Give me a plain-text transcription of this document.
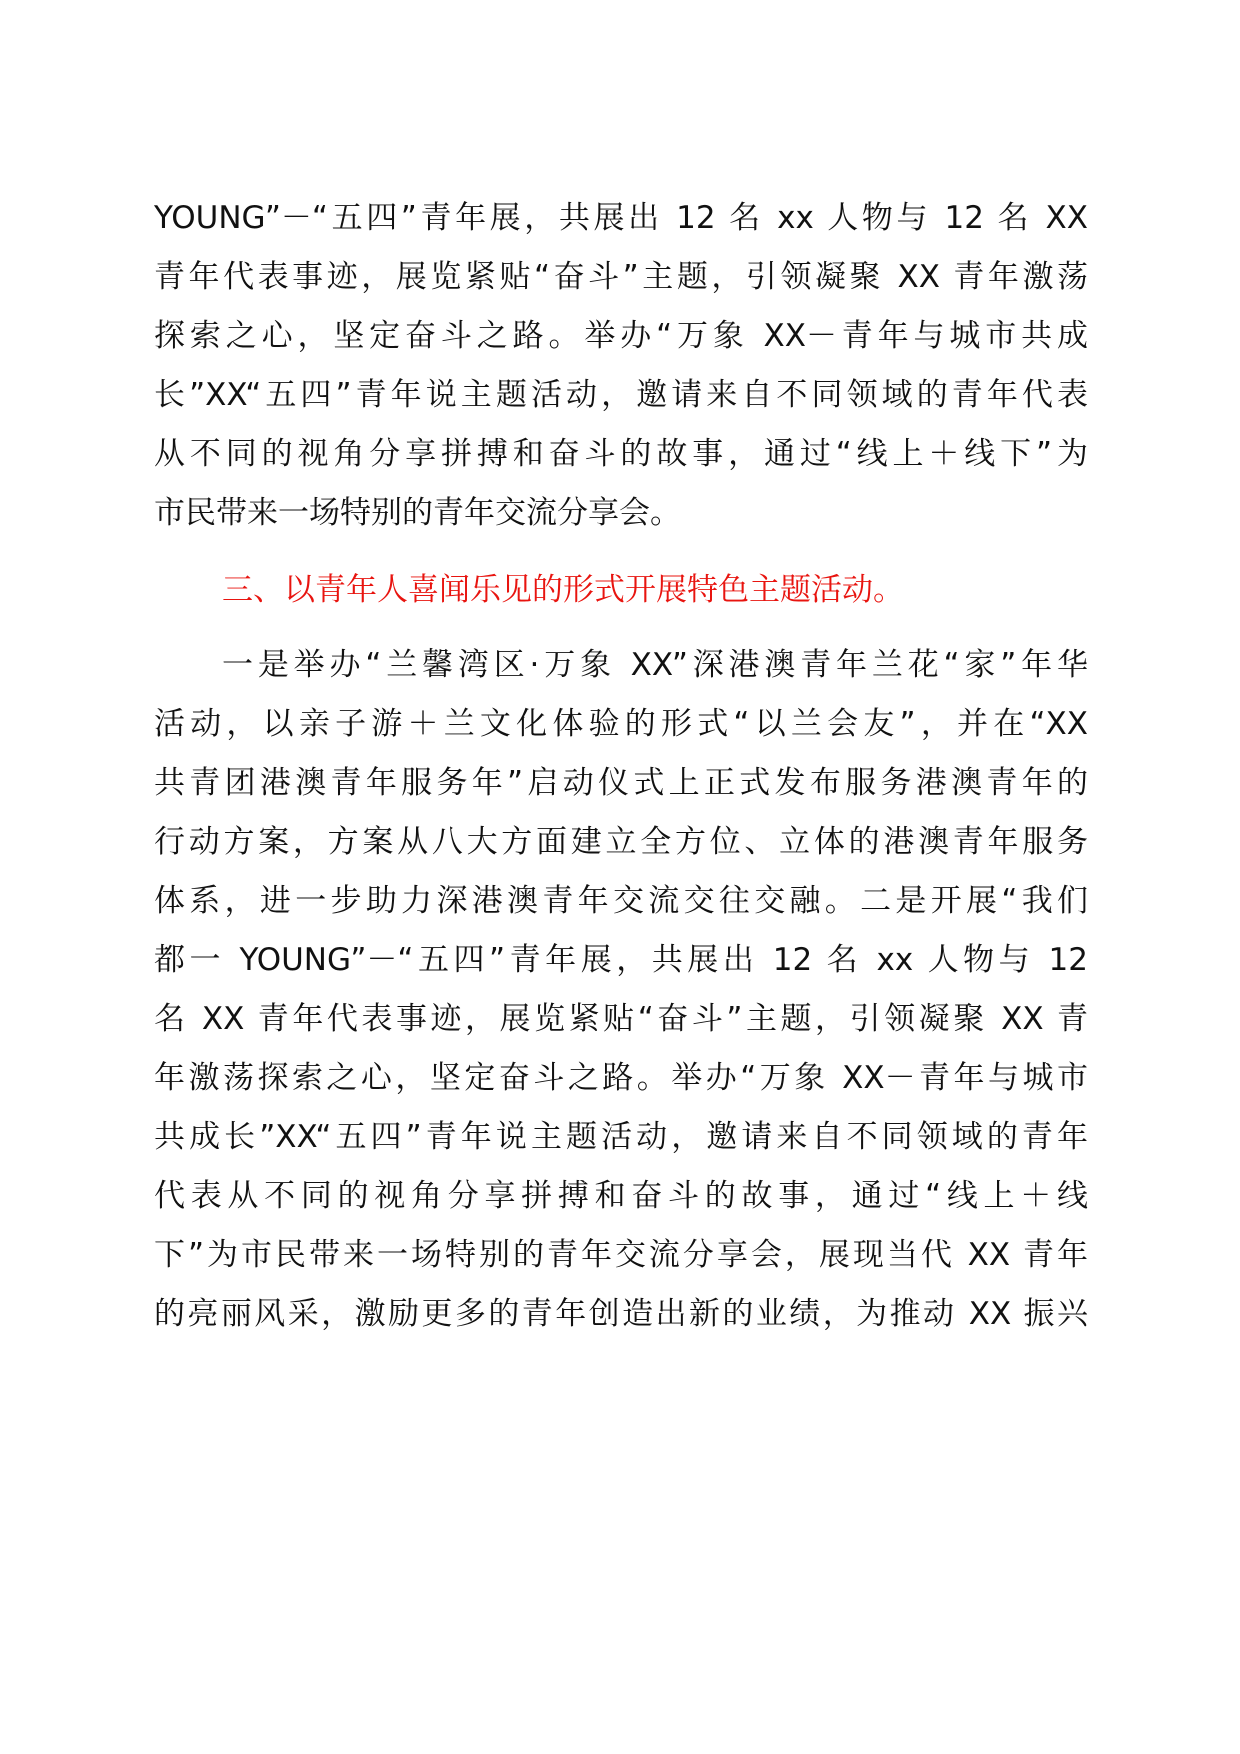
YOUNG”－“五四”青年展，共展出 12 名 xx 人物与 12 名 XX
青年代表事迹，展览紧贴“奋斗”主题，引领凝聚 XX 青年激荡
探索之心，坚定奋斗之路。举办“万象 XX－青年与城市共成
长”XX“五四”青年说主题活动，邀请来自不同领域的青年代表
从不同的视角分享拼搏和奋斗的故事，通过“线上＋线下”为
市民带来一场特别的青年交流分享会。
三、以青年人喜闻乐见的形式开展特色主题活动。
一是举办“兰馨湾区·万象 XX”深港澳青年兰花“家”年华
活动，以亲子游＋兰文化体验的形式“以兰会友”，并在“XX
共青团港澳青年服务年”启动仪式上正式发布服务港澳青年的
行动方案，方案从八大方面建立全方位、立体的港澳青年服务
体系，进一步助力深港澳青年交流交往交融。二是开展“我们
都一 YOUNG”－“五四”青年展，共展出 12 名 xx 人物与 12
名 XX 青年代表事迹，展览紧贴“奋斗”主题，引领凝聚 XX 青
年激荡探索之心，坚定奋斗之路。举办“万象 XX－青年与城市
共成长”XX“五四”青年说主题活动，邀请来自不同领域的青年
代表从不同的视角分享拼搏和奋斗的故事，通过“线上＋线
下”为市民带来一场特别的青年交流分享会，展现当代 XX 青年
的亮丽风采，激励更多的青年创造出新的业绩，为推动 XX 振兴
